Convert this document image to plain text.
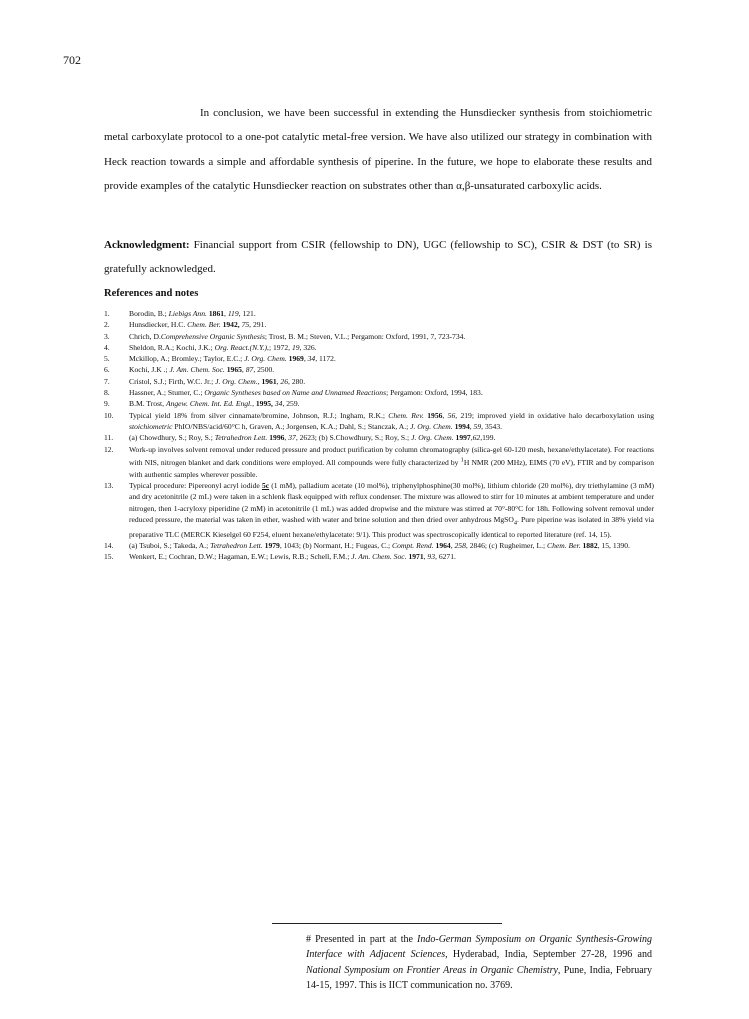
702

In conclusion, we have been successful in extending the Hunsdiecker synthesis from stoichiometric metal carboxylate protocol to a one-pot catalytic metal-free version. We have also utilized our strategy in combination with Heck reaction towards a simple and affordable synthesis of piperine. In the future, we hope to elaborate these results and provide examples of the catalytic Hunsdiecker reaction on substrates other than α,β-unsaturated carboxylic acids.

Acknowledgment: Financial support from CSIR (fellowship to DN), UGC (fellowship to SC), CSIR & DST (to SR) is gratefully acknowledged.

References and notes
1.	Borodin, B.; Liebigs Ann. 1861, 119, 121.
2.	Hunsdiecker, H.C. Chem. Ber. 1942, 75, 291.
3.	Chrich, D.Comprehensive Organic Synthesis; Trost, B. M.; Steven, V.L.; Pergamon: Oxford, 1991, 7, 723-734.
4.	Sheldon, R.A.; Kochi, J.K.; Org. React.(N.Y.),; 1972, 19, 326.
5.	Mckillop, A.; Bromley.; Taylor, E.C.; J. Org. Chem. 1969, 34, 1172.
6.	Kochi, J.K .; J. Am. Chem. Soc. 1965, 87, 2500.
7.	Cristol, S.J.; Firth, W.C. Jr.; J. Org. Chem., 1961, 26, 280.
8.	Hassner, A.; Stumer, C.; Organic Syntheses based on Name and Unnamed Reactions; Pergamon: Oxford, 1994, 183.
9.	B.M. Trost, Angew. Chem. Int. Ed. Engl., 1995, 34, 259.
10. Typical yield 18% from silver cinnamate/bromine, Johnson, R.J.; Ingham, R.K.; Chem. Rev. 1956, 56, 219; improved yield in oxidative halo decarboxylation using stoichiometric PhIO/NBS/acid/60°C h, Graven, A.; Jorgensen, K.A.; Dahl, S.; Stanczak, A.; J. Org. Chem. 1994, 59, 3543.
11. (a) Chowdhury, S.; Roy, S.; Tetrahedron Lett. 1996, 37, 2623; (b) S.Chowdhury, S.; Roy, S.; J. Org. Chem. 1997,62,199.
12. Work-up involves solvent removal under reduced pressure and product purification by column chromatography (silica-gel 60-120 mesh, hexane/ethylacetate). For reactions with NIS, nitrogen blanket and dark conditions were employed. All compounds were fully characterized by $^1$H NMR (200 MHz), EIMS (70 eV), FTIR and by comparison with authentic samples wherever possible.
13. Typical procedure: Pipereonyl acryl iodide 5c (1 mM), palladium acetate (10 mol%), triphenylphosphine(30 mol%), lithium chloride (20 mol%), dry triethylamine (3 mM) and dry acetonitrile (2 mL) were taken in a schlenk flask equipped with reflux condenser. The mixture was allowed to stirr for 10 minutes at ambient temperature and under nitrogen, then 1-acryloxy piperidine (2 mM) in acetonitrile (1 mL) was added dropwise and the mixture was stirred at 70°-80°C for 18h. Following solvent removal under reduced pressure, the material was taken in ether, washed with water and brine solution and then dried over anhydrous MgSO$_4$. Pure piperine was isolated in 38% yield via preparative TLC (MERCK Kieselgel 60 F254, eluent hexane/ethylacetate: 9/1). This product was spectroscopically identical to reported literature (ref. 14, 15).
14. (a) Tsuboi, S.; Takeda, A.; Tetrahedron Lett. 1979, 1043; (b) Normant, H.; Fugeas, C.; Compt. Rend. 1964, 258, 2846; (c) Rugheimer, L.; Chem. Ber. 1882, 15, 1390.
15. Wenkert, E.; Cochran, D.W.; Hagaman, E.W.; Lewis, R.B.; Schell, F.M.; J. Am. Chem. Soc. 1971, 93, 6271.
# Presented in part at the Indo-German Symposium on Organic Synthesis-Growing Interface with Adjacent Sciences, Hyderabad, India, September 27-28, 1996 and National Symposium on Frontier Areas in Organic Chemistry, Pune, India, February 14-15, 1997. This is IICT communication no. 3769.
